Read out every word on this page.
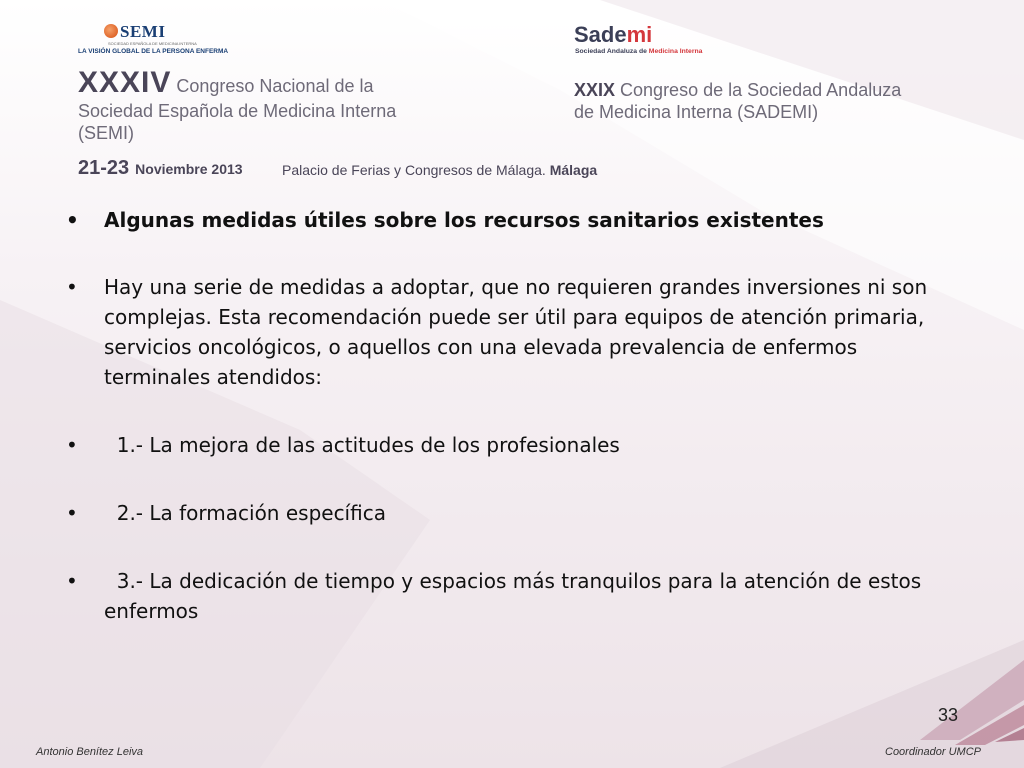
SEMI
SOCIEDAD ESPAÑOLA DE MEDICINA INTERNA
LA VISIÓN GLOBAL DE LA PERSONA ENFERMA
Sademi
Sociedad Andaluza de Medicina Interna
XXXIV Congreso Nacional de la
Sociedad Española de Medicina Interna
(SEMI)
XXIX Congreso de la Sociedad Andaluza
de Medicina Interna (SADEMI)
21-23 Noviembre 2013	Palacio de Ferias y Congresos de Málaga. Málaga
• Algunas medidas útiles sobre los recursos sanitarios existentes
• Hay una serie de medidas a adoptar, que no requieren grandes inversiones ni son complejas. Esta recomendación puede ser útil para equipos de atención primaria, servicios oncológicos, o aquellos con una elevada prevalencia de enfermos terminales atendidos:
• 1.- La mejora de las actitudes de los profesionales
• 2.- La formación específica
• 3.- La dedicación de tiempo y espacios más tranquilos para la atención de estos enfermos
33
Antonio Benítez Leiva	Coordinador UMCP
